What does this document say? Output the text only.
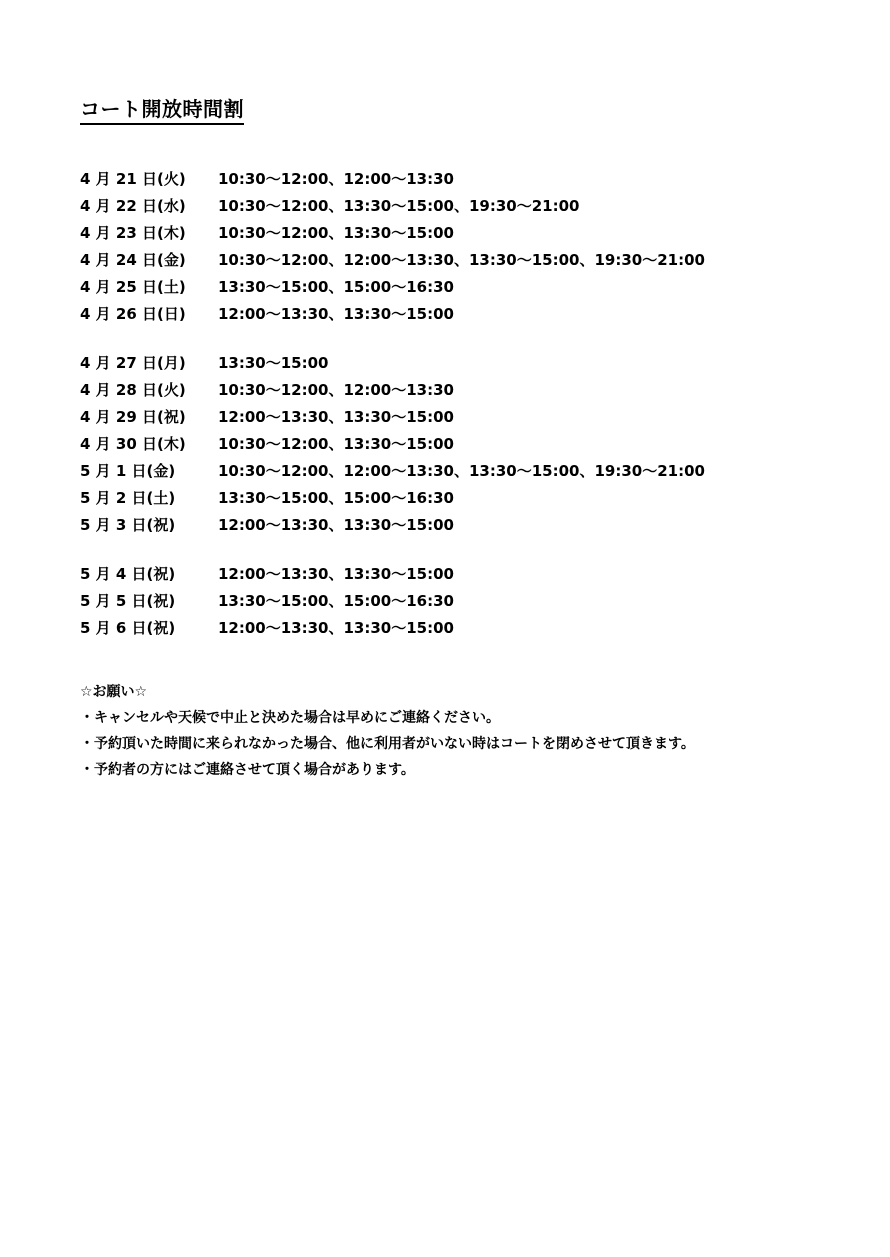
コート開放時間割
4 月 21 日(火) 10:30～12:00、12:00～13:30
4 月 22 日(水) 10:30～12:00、13:30～15:00、19:30～21:00
4 月 23 日(木) 10:30～12:00、13:30～15:00
4 月 24 日(金) 10:30～12:00、12:00～13:30、13:30～15:00、19:30～21:00
4 月 25 日(土) 13:30～15:00、15:00～16:30
4 月 26 日(日) 12:00～13:30、13:30～15:00
4 月 27 日(月) 13:30～15:00
4 月 28 日(火) 10:30～12:00、12:00～13:30
4 月 29 日(祝) 12:00～13:30、13:30～15:00
4 月 30 日(木) 10:30～12:00、13:30～15:00
5 月 1 日(金)	10:30～12:00、12:00～13:30、13:30～15:00、19:30～21:00
5 月 2 日(土)	13:30～15:00、15:00～16:30
5 月 3 日(祝)	12:00～13:30、13:30～15:00
5 月 4 日(祝)	12:00～13:30、13:30～15:00
5 月 5 日(祝)	13:30～15:00、15:00～16:30
5 月 6 日(祝)	12:00～13:30、13:30～15:00
☆お願い☆
・キャンセルや天候で中止と決めた場合は早めにご連絡ください。
・予約頂いた時間に来られなかった場合、他に利用者がいない時はコートを閉めさせて頂きます。
・予約者の方にはご連絡させて頂く場合があります。
